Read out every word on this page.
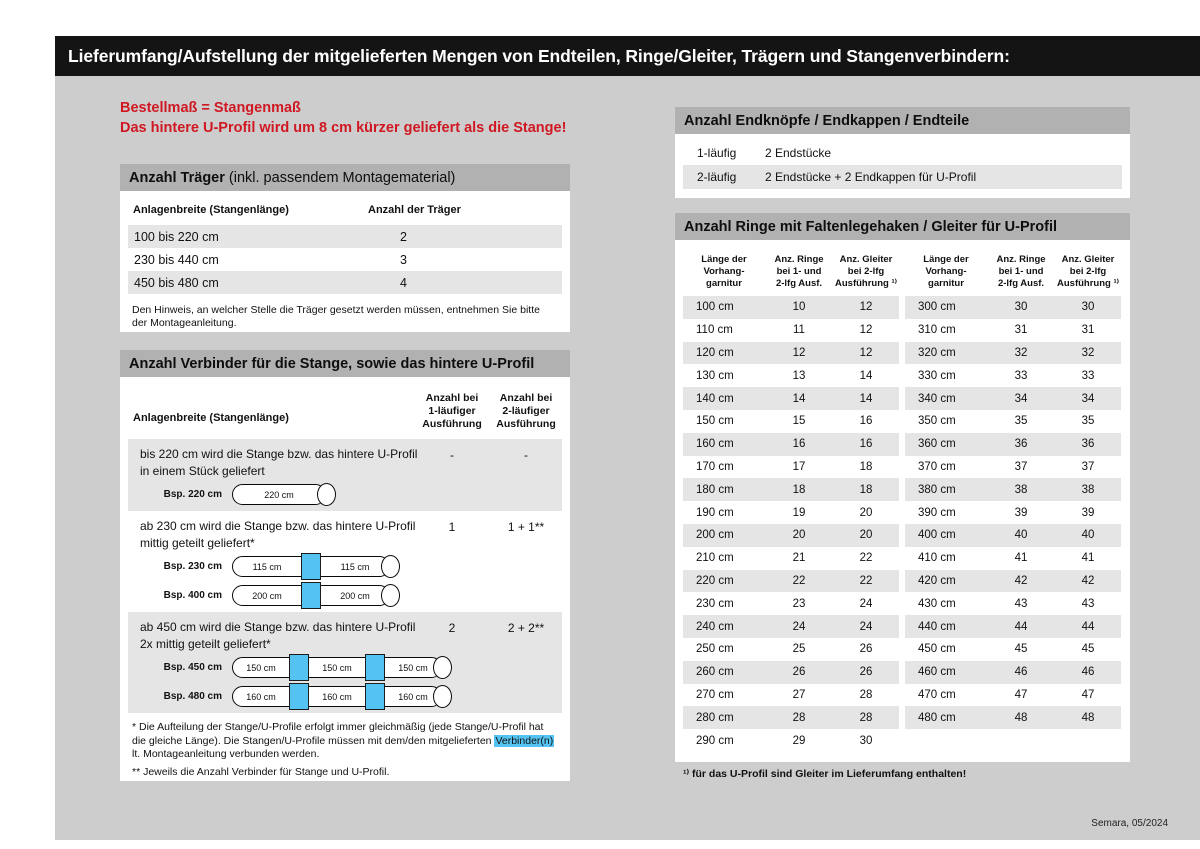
Lieferumfang/Aufstellung der mitgelieferten Mengen von Endteilen, Ringe/Gleiter, Trägern und Stangenverbindern:
Bestellmaß = Stangenmaß
Das hintere U-Profil wird um 8 cm kürzer geliefert als die Stange!
Anzahl Träger (inkl. passendem Montagematerial)
Anlagenbreite (Stangenlänge)	Anzahl der Träger
100 bis 220 cm	2
230 bis 440 cm	3
450 bis 480 cm	4
Den Hinweis, an welcher Stelle die Träger gesetzt werden müssen, entnehmen Sie bitte der Montageanleitung.
Anzahl Verbinder für die Stange, sowie das hintere U-Profil
Anlagenbreite (Stangenlänge)
Anzahl bei
1-läufiger
Ausführung
Anzahl bei
2-läufiger
Ausführung
bis 220 cm wird die Stange bzw. das hintere U-Profil
in einem Stück geliefert
-	-
Bsp. 220 cm	220 cm
ab 230 cm wird die Stange bzw. das hintere U-Profil
mittig geteilt geliefert*
1	1 + 1**
Bsp. 230 cm	115 cm	115 cm
Bsp. 400 cm	200 cm	200 cm
ab 450 cm wird die Stange bzw. das hintere U-Profil
2x mittig geteilt geliefert*
2	2 + 2**
Bsp. 450 cm	150 cm	150 cm	150 cm
Bsp. 480 cm	160 cm	160 cm	160 cm
* Die Aufteilung der Stange/U-Profile erfolgt immer gleichmäßig (jede Stange/U-Profil hat die gleiche Länge). Die Stangen/U-Profile müssen mit dem/den mitgelieferten Verbinder(n) lt. Montageanleitung verbunden werden.
** Jeweils die Anzahl Verbinder für Stange und U-Profil.
Anzahl Endknöpfe / Endkappen / Endteile
1-läufig	2 Endstücke
2-läufig	2 Endstücke + 2 Endkappen für U-Profil
Anzahl Ringe mit Faltenlegehaken / Gleiter für U-Profil
Länge der
Vorhang-
garnitur
Anz. Ringe
bei 1- und
2-lfg Ausf.
Anz. Gleiter
bei 2-lfg
Ausführung ¹⁾
100 cm	10	12
110 cm	11	12
120 cm	12	12
130 cm	13	14
140 cm	14	14
150 cm	15	16
160 cm	16	16
170 cm	17	18
180 cm	18	18
190 cm	19	20
200 cm	20	20
210 cm	21	22
220 cm	22	22
230 cm	23	24
240 cm	24	24
250 cm	25	26
260 cm	26	26
270 cm	27	28
280 cm	28	28
290 cm	29	30
Länge der
Vorhang-
garnitur
Anz. Ringe
bei 1- und
2-lfg Ausf.
Anz. Gleiter
bei 2-lfg
Ausführung ¹⁾
300 cm	30	30
310 cm	31	31
320 cm	32	32
330 cm	33	33
340 cm	34	34
350 cm	35	35
360 cm	36	36
370 cm	37	37
380 cm	38	38
390 cm	39	39
400 cm	40	40
410 cm	41	41
420 cm	42	42
430 cm	43	43
440 cm	44	44
450 cm	45	45
460 cm	46	46
470 cm	47	47
480 cm	48	48
¹⁾ für das U-Profil sind Gleiter im Lieferumfang enthalten!
Semara, 05/2024
